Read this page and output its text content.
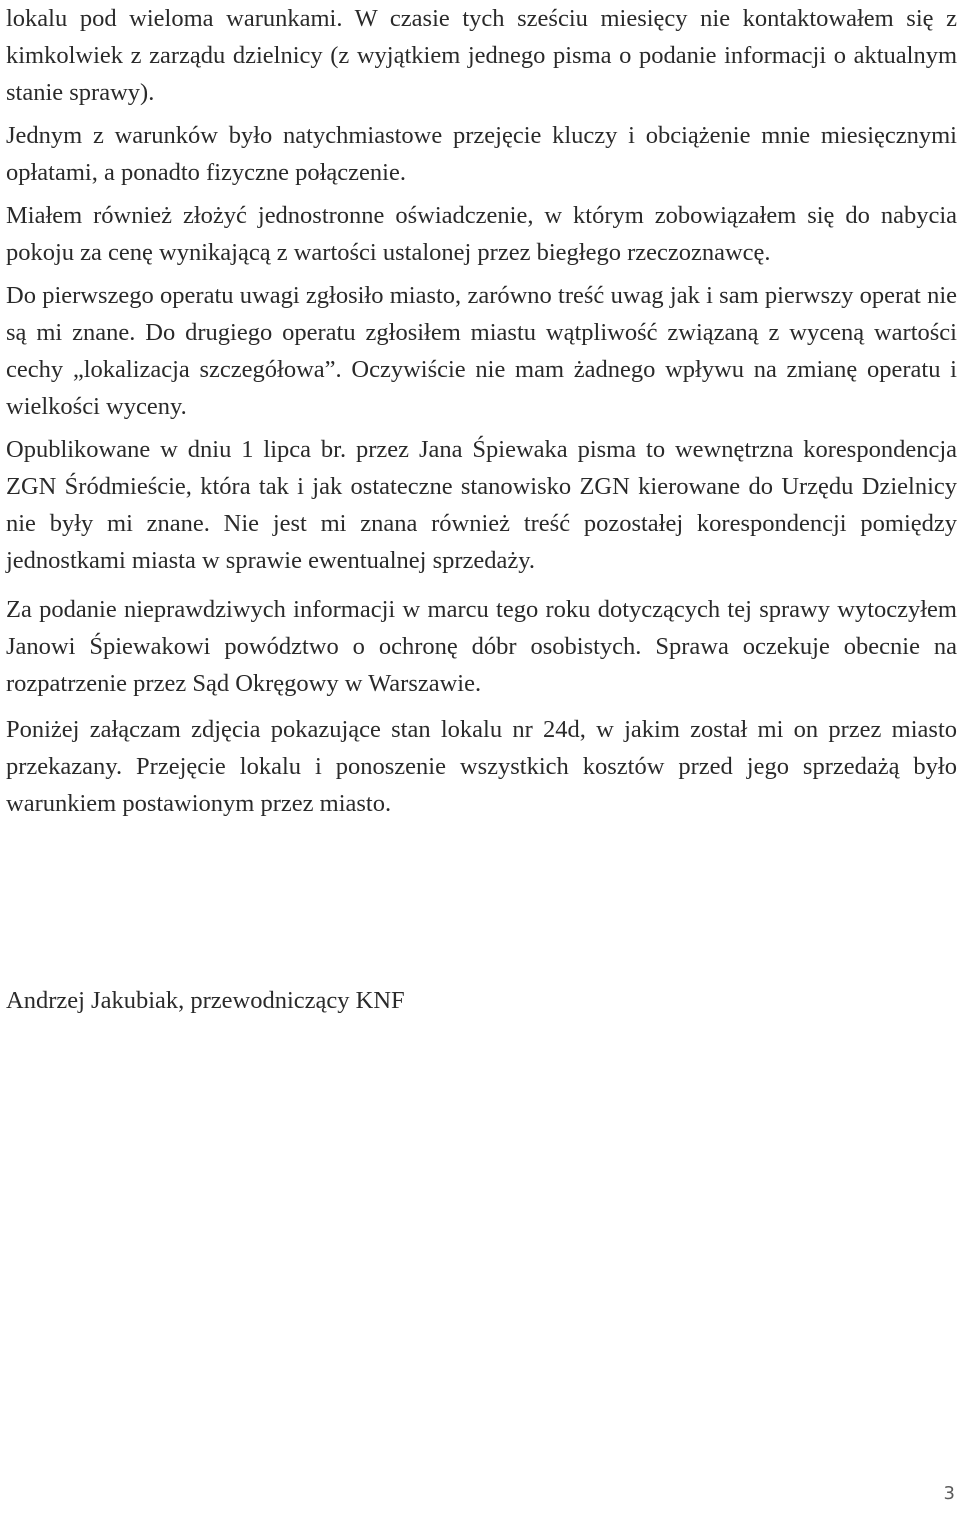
lokalu pod wieloma warunkami. W czasie tych sześciu miesięcy nie kontaktowałem się z kimkolwiek z zarządu dzielnicy (z wyjątkiem jednego pisma o podanie informacji o aktualnym stanie sprawy).

Jednym z warunków było natychmiastowe przejęcie kluczy i obciążenie mnie miesięcznymi opłatami, a ponadto fizyczne połączenie.

Miałem również złożyć jednostronne oświadczenie, w którym zobowiązałem się do nabycia pokoju za cenę wynikającą z wartości ustalonej przez biegłego rzeczoznawcę.

Do pierwszego operatu uwagi zgłosiło miasto, zarówno treść uwag jak i sam pierwszy operat nie są mi znane. Do drugiego operatu zgłosiłem miastu wątpliwość związaną z wyceną wartości cechy „lokalizacja szczegółowa”. Oczywiście nie mam żadnego wpływu na zmianę operatu i wielkości wyceny.

Opublikowane w dniu 1 lipca br. przez Jana Śpiewaka pisma to wewnętrzna korespondencja ZGN Śródmieście, która tak i jak ostateczne stanowisko ZGN kierowane do Urzędu Dzielnicy nie były mi znane. Nie jest mi znana również treść pozostałej korespondencji pomiędzy jednostkami miasta w sprawie ewentualnej sprzedaży.

Za podanie nieprawdziwych informacji w marcu tego roku dotyczących tej sprawy wytoczyłem Janowi Śpiewakowi powództwo o ochronę dóbr osobistych. Sprawa oczekuje obecnie na rozpatrzenie przez Sąd Okręgowy w Warszawie.

Poniżej załączam zdjęcia pokazujące stan lokalu nr 24d, w jakim został mi on przez miasto przekazany. Przejęcie lokalu i ponoszenie wszystkich kosztów przed jego sprzedażą było warunkiem postawionym przez miasto.

Andrzej Jakubiak, przewodniczący KNF

3
